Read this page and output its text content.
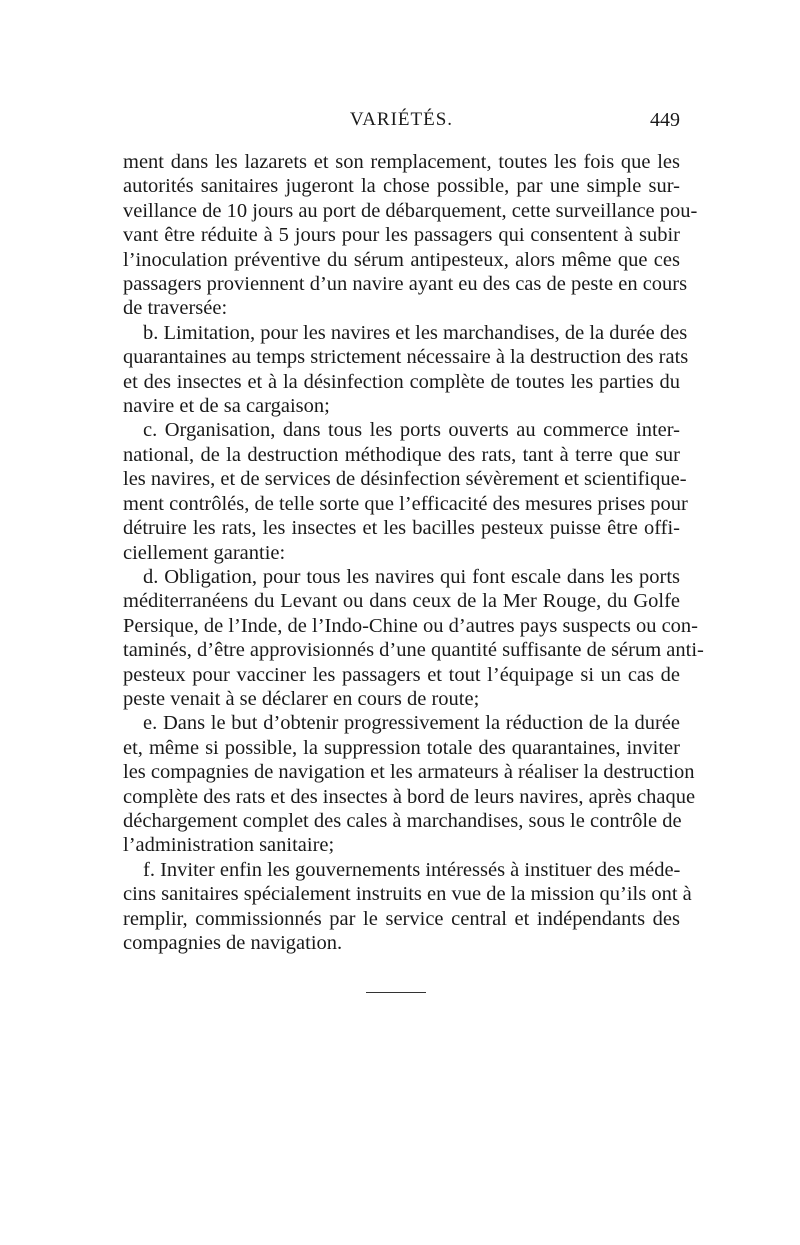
VARIÉTÉS.	449
ment dans les lazarets et son remplacement, toutes les fois que les
autorités sanitaires jugeront la chose possible, par une simple sur-
veillance de 10 jours au port de débarquement, cette surveillance pou-
vant être réduite à 5 jours pour les passagers qui consentent à subir
l’inoculation préventive du sérum antipesteux, alors même que ces
passagers proviennent d’un navire ayant eu des cas de peste en cours
de traversée:
b. Limitation, pour les navires et les marchandises, de la durée des
quarantaines au temps strictement nécessaire à la destruction des rats
et des insectes et à la désinfection complète de toutes les parties du
navire et de sa cargaison;
c. Organisation, dans tous les ports ouverts au commerce inter-
national, de la destruction méthodique des rats, tant à terre que sur
les navires, et de services de désinfection sévèrement et scientifique-
ment contrôlés, de telle sorte que l’efficacité des mesures prises pour
détruire les rats, les insectes et les bacilles pesteux puisse être offi-
ciellement garantie:
d. Obligation, pour tous les navires qui font escale dans les ports
méditerranéens du Levant ou dans ceux de la Mer Rouge, du Golfe
Persique, de l’Inde, de l’Indo-Chine ou d’autres pays suspects ou con-
taminés, d’être approvisionnés d’une quantité suffisante de sérum anti-
pesteux pour vacciner les passagers et tout l’équipage si un cas de
peste venait à se déclarer en cours de route;
e. Dans le but d’obtenir progressivement la réduction de la durée
et, même si possible, la suppression totale des quarantaines, inviter
les compagnies de navigation et les armateurs à réaliser la destruction
complète des rats et des insectes à bord de leurs navires, après chaque
déchargement complet des cales à marchandises, sous le contrôle de
l’administration sanitaire;
f. Inviter enfin les gouvernements intéressés à instituer des méde-
cins sanitaires spécialement instruits en vue de la mission qu’ils ont à
remplir, commissionnés par le service central et indépendants des
compagnies de navigation.
